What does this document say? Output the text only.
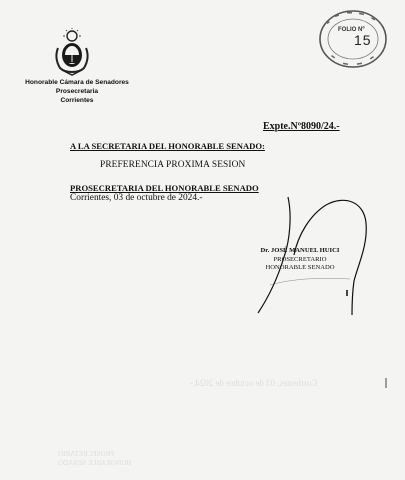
Honorable Cámara de Senadores
Prosecretaria
Corrientes
FOLIO Nº
15
Expte.Nº8090/24.-
A LA SECRETARIA DEL HONORABLE SENADO:
PREFERENCIA PROXIMA SESION
PROSECRETARIA DEL HONORABLE SENADO
Corrientes, 03 de octubre de 2024.-
Dr. JOSÉ MANUEL HUICI
PROSECRETARIO
HONORABLE SENADO
Corrientes, 03 de octubre de 2024.-
PROSECRETARIO
HONORABLE SENADO
